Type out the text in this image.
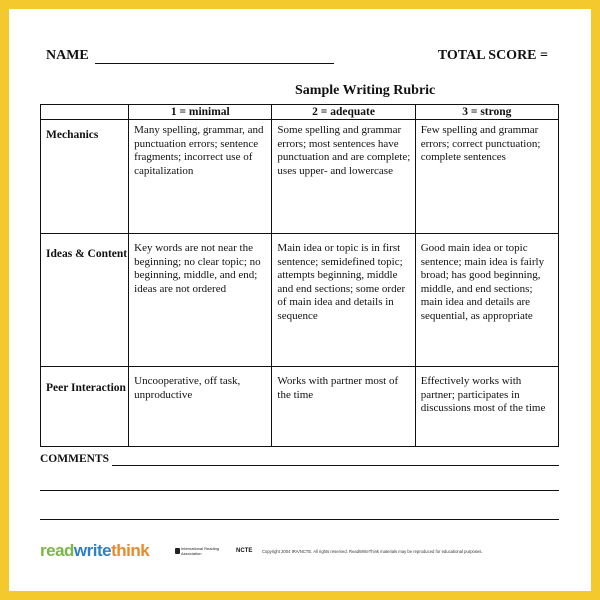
NAME	TOTAL SCORE =
Sample Writing Rubric
	1 = minimal	2 = adequate	3 = strong
Mechanics	Many spelling, grammar, and punctuation errors; sentence fragments; incorrect use of capitalization	Some spelling and grammar errors; most sentences have punctuation and are complete; uses upper- and lowercase	Few spelling and grammar errors; correct punctuation; complete sentences
Ideas & Content	Key words are not near the beginning; no clear topic; no beginning, middle, and end; ideas are not ordered	Main idea or topic is in first sentence; semidefined topic; attempts beginning, middle and end sections; some order of main idea and details in sequence	Good main idea or topic sentence; main idea is fairly broad; has good beginning, middle, and end sections; main idea and details are sequential, as appropriate
Peer Interaction	Uncooperative, off task, unproductive	Works with partner most of the time	Effectively works with partner; participates in discussions most of the time
COMMENTS
readwritethink	International Reading Association	NCTE Copyright 2004 IRA/NCTE. All rights reserved. ReadWriteThink materials may be reproduced for educational purposes.
